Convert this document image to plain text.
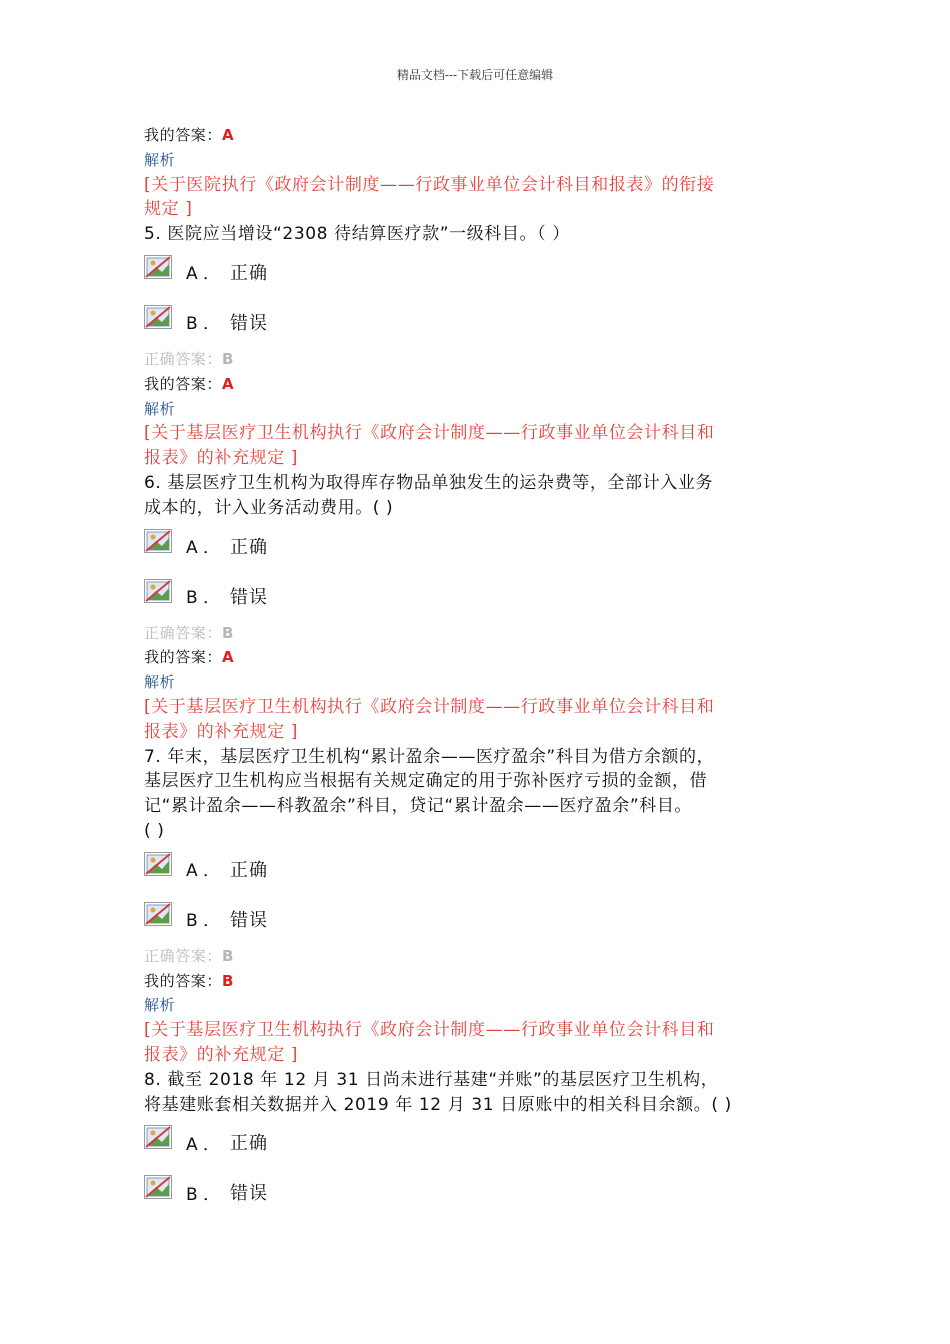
精品文档---下载后可任意编辑
我的答案：A
解析
[关于医院执行《政府会计制度——行政事业单位会计科目和报表》的衔接
规定 ]
5. 医院应当增设“2308 待结算医疗款”一级科目。（ ）
A ． 正确
B ． 错误
正确答案：B
我的答案：A
解析
[关于基层医疗卫生机构执行《政府会计制度——行政事业单位会计科目和
报表》的补充规定 ]
6. 基层医疗卫生机构为取得库存物品单独发生的运杂费等，全部计入业务
成本的，计入业务活动费用。( )
A ． 正确
B ． 错误
正确答案：B
我的答案：A
解析
[关于基层医疗卫生机构执行《政府会计制度——行政事业单位会计科目和
报表》的补充规定 ]
7. 年末，基层医疗卫生机构“累计盈余——医疗盈余”科目为借方余额的，
基层医疗卫生机构应当根据有关规定确定的用于弥补医疗亏损的金额，借
记“累计盈余——科教盈余”科目，贷记“累计盈余——医疗盈余”科目。
( )
A ． 正确
B ． 错误
正确答案：B
我的答案：B
解析
[关于基层医疗卫生机构执行《政府会计制度——行政事业单位会计科目和
报表》的补充规定 ]
8. 截至 2018 年 12 月 31 日尚未进行基建“并账”的基层医疗卫生机构，
将基建账套相关数据并入 2019 年 12 月 31 日原账中的相关科目余额。( )
A ． 正确
B ． 错误
